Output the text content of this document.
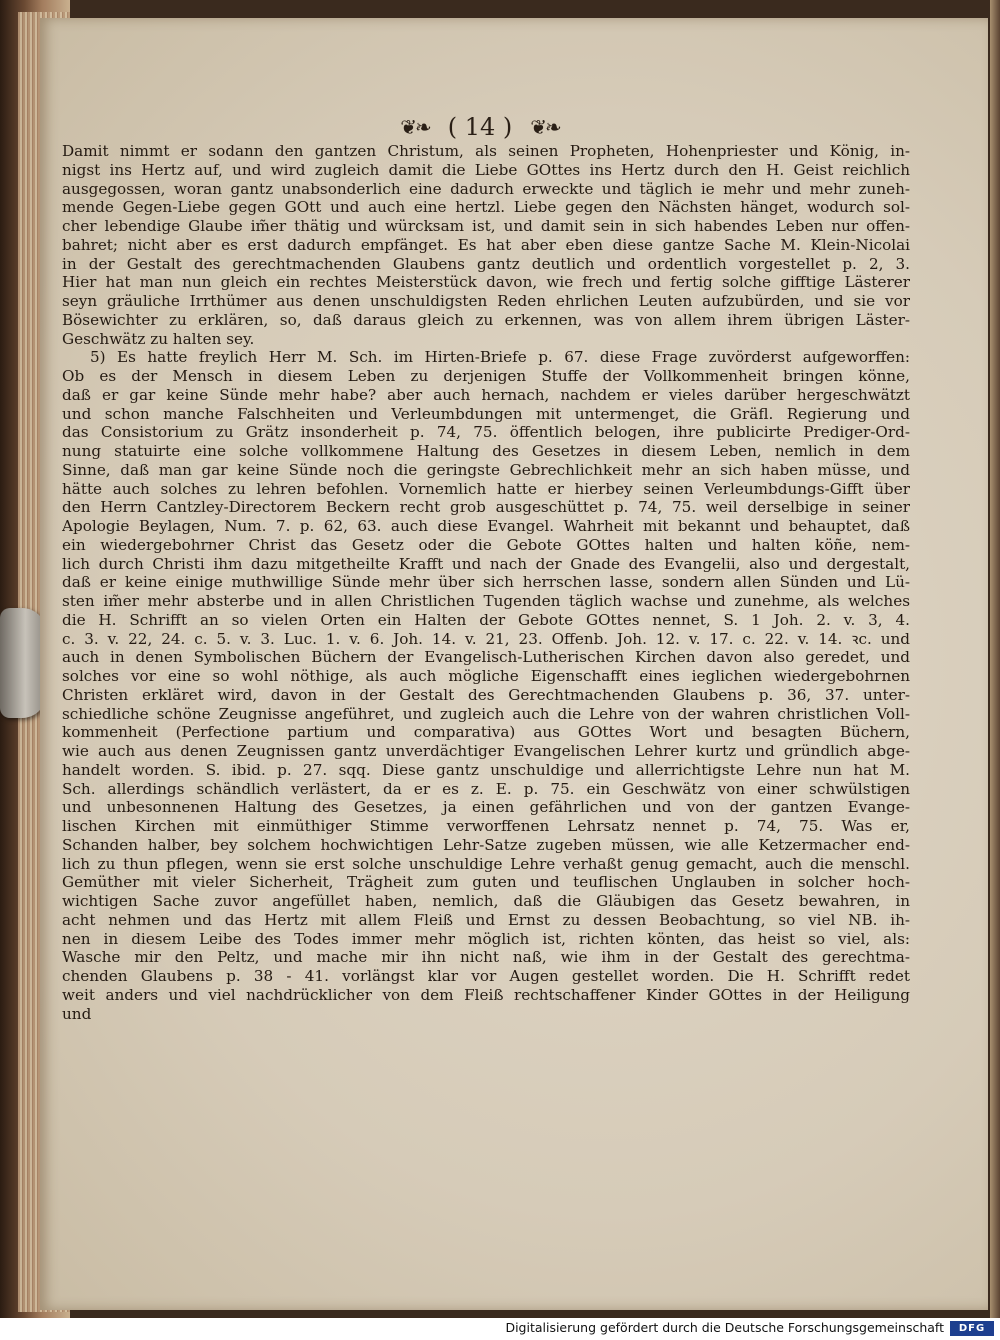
❦❧ ( 14 ) ❦❧
Damit nimmt er sodann den gantzen Christum, als seinen Propheten, Hohenpriester und König, in-
nigst ins Hertz auf, und wird zugleich damit die Liebe GOttes ins Hertz durch den H. Geist reichlich
ausgegossen, woran gantz unabsonderlich eine dadurch erweckte und täglich ie mehr und mehr zuneh-
mende Gegen-Liebe gegen GOtt und auch eine hertzl. Liebe gegen den Nächsten hänget, wodurch sol-
cher lebendige Glaube im̃er thätig und würcksam ist, und damit sein in sich habendes Leben nur offen-
bahret; nicht aber es erst dadurch empfänget. Es hat aber eben diese gantze Sache M. Klein-Nicolai
in der Gestalt des gerechtmachenden Glaubens gantz deutlich und ordentlich vorgestellet p. 2, 3.
Hier hat man nun gleich ein rechtes Meisterstück davon, wie frech und fertig solche gifftige Lästerer
seyn gräuliche Irrthümer aus denen unschuldigsten Reden ehrlichen Leuten aufzubürden, und sie vor
Bösewichter zu erklären, so, daß daraus gleich zu erkennen, was von allem ihrem übrigen Läster-
Geschwätz zu halten sey.
5) Es hatte freylich Herr M. Sch. im Hirten-Briefe p. 67. diese Frage zuvörderst aufgeworffen:
Ob es der Mensch in diesem Leben zu derjenigen Stuffe der Vollkommenheit bringen könne,
daß er gar keine Sünde mehr habe? aber auch hernach, nachdem er vieles darüber hergeschwätzt
und schon manche Falschheiten und Verleumbdungen mit untermenget, die Gräfl. Regierung und
das Consistorium zu Grätz insonderheit p. 74, 75. öffentlich belogen, ihre publicirte Prediger-Ord-
nung statuirte eine solche vollkommene Haltung des Gesetzes in diesem Leben, nemlich in dem
Sinne, daß man gar keine Sünde noch die geringste Gebrechlichkeit mehr an sich haben müsse, und
hätte auch solches zu lehren befohlen. Vornemlich hatte er hierbey seinen Verleumbdungs-Gifft über
den Herrn Cantzley-Directorem Beckern recht grob ausgeschüttet p. 74, 75. weil derselbige in seiner
Apologie Beylagen, Num. 7. p. 62, 63. auch diese Evangel. Wahrheit mit bekannt und behauptet, daß
ein wiedergebohrner Christ das Gesetz oder die Gebote GOttes halten und halten köñe, nem-
lich durch Christi ihm dazu mitgetheilte Krafft und nach der Gnade des Evangelii, also und dergestalt,
daß er keine einige muthwillige Sünde mehr über sich herrschen lasse, sondern allen Sünden und Lü-
sten im̃er mehr absterbe und in allen Christlichen Tugenden täglich wachse und zunehme, als welches
die H. Schrifft an so vielen Orten ein Halten der Gebote GOttes nennet, S. 1 Joh. 2. v. 3, 4.
c. 3. v. 22, 24. c. 5. v. 3. Luc. 1. v. 6. Joh. 14. v. 21, 23. Offenb. Joh. 12. v. 17. c. 22. v. 14. ꝛc. und
auch in denen Symbolischen Büchern der Evangelisch-Lutherischen Kirchen davon also geredet, und
solches vor eine so wohl nöthige, als auch mögliche Eigenschafft eines ieglichen wiedergebohrnen
Christen erkläret wird, davon in der Gestalt des Gerechtmachenden Glaubens p. 36, 37. unter-
schiedliche schöne Zeugnisse angeführet, und zugleich auch die Lehre von der wahren christlichen Voll-
kommenheit (Perfectione partium und comparativa) aus GOttes Wort und besagten Büchern,
wie auch aus denen Zeugnissen gantz unverdächtiger Evangelischen Lehrer kurtz und gründlich abge-
handelt worden. S. ibid. p. 27. sqq. Diese gantz unschuldige und allerrichtigste Lehre nun hat M.
Sch. allerdings schändlich verlästert, da er es z. E. p. 75. ein Geschwätz von einer schwülstigen
und unbesonnenen Haltung des Gesetzes, ja einen gefährlichen und von der gantzen Evange-
lischen Kirchen mit einmüthiger Stimme verworffenen Lehrsatz nennet p. 74, 75. Was er,
Schanden halber, bey solchem hochwichtigen Lehr-Satze zugeben müssen, wie alle Ketzermacher end-
lich zu thun pflegen, wenn sie erst solche unschuldige Lehre verhaßt genug gemacht, auch die menschl.
Gemüther mit vieler Sicherheit, Trägheit zum guten und teuflischen Unglauben in solcher hoch-
wichtigen Sache zuvor angefüllet haben, nemlich, daß die Gläubigen das Gesetz bewahren, in
acht nehmen und das Hertz mit allem Fleiß und Ernst zu dessen Beobachtung, so viel NB. ih-
nen in diesem Leibe des Todes immer mehr möglich ist, richten könten, das heist so viel, als:
Wasche mir den Peltz, und mache mir ihn nicht naß, wie ihm in der Gestalt des gerechtma-
chenden Glaubens p. 38 - 41. vorlängst klar vor Augen gestellet worden. Die H. Schrifft redet
weit anders und viel nachdrücklicher von dem Fleiß rechtschaffener Kinder GOttes in der Heiligung
und
Digitalisierung gefördert durch die Deutsche Forschungsgemeinschaft	DFG
